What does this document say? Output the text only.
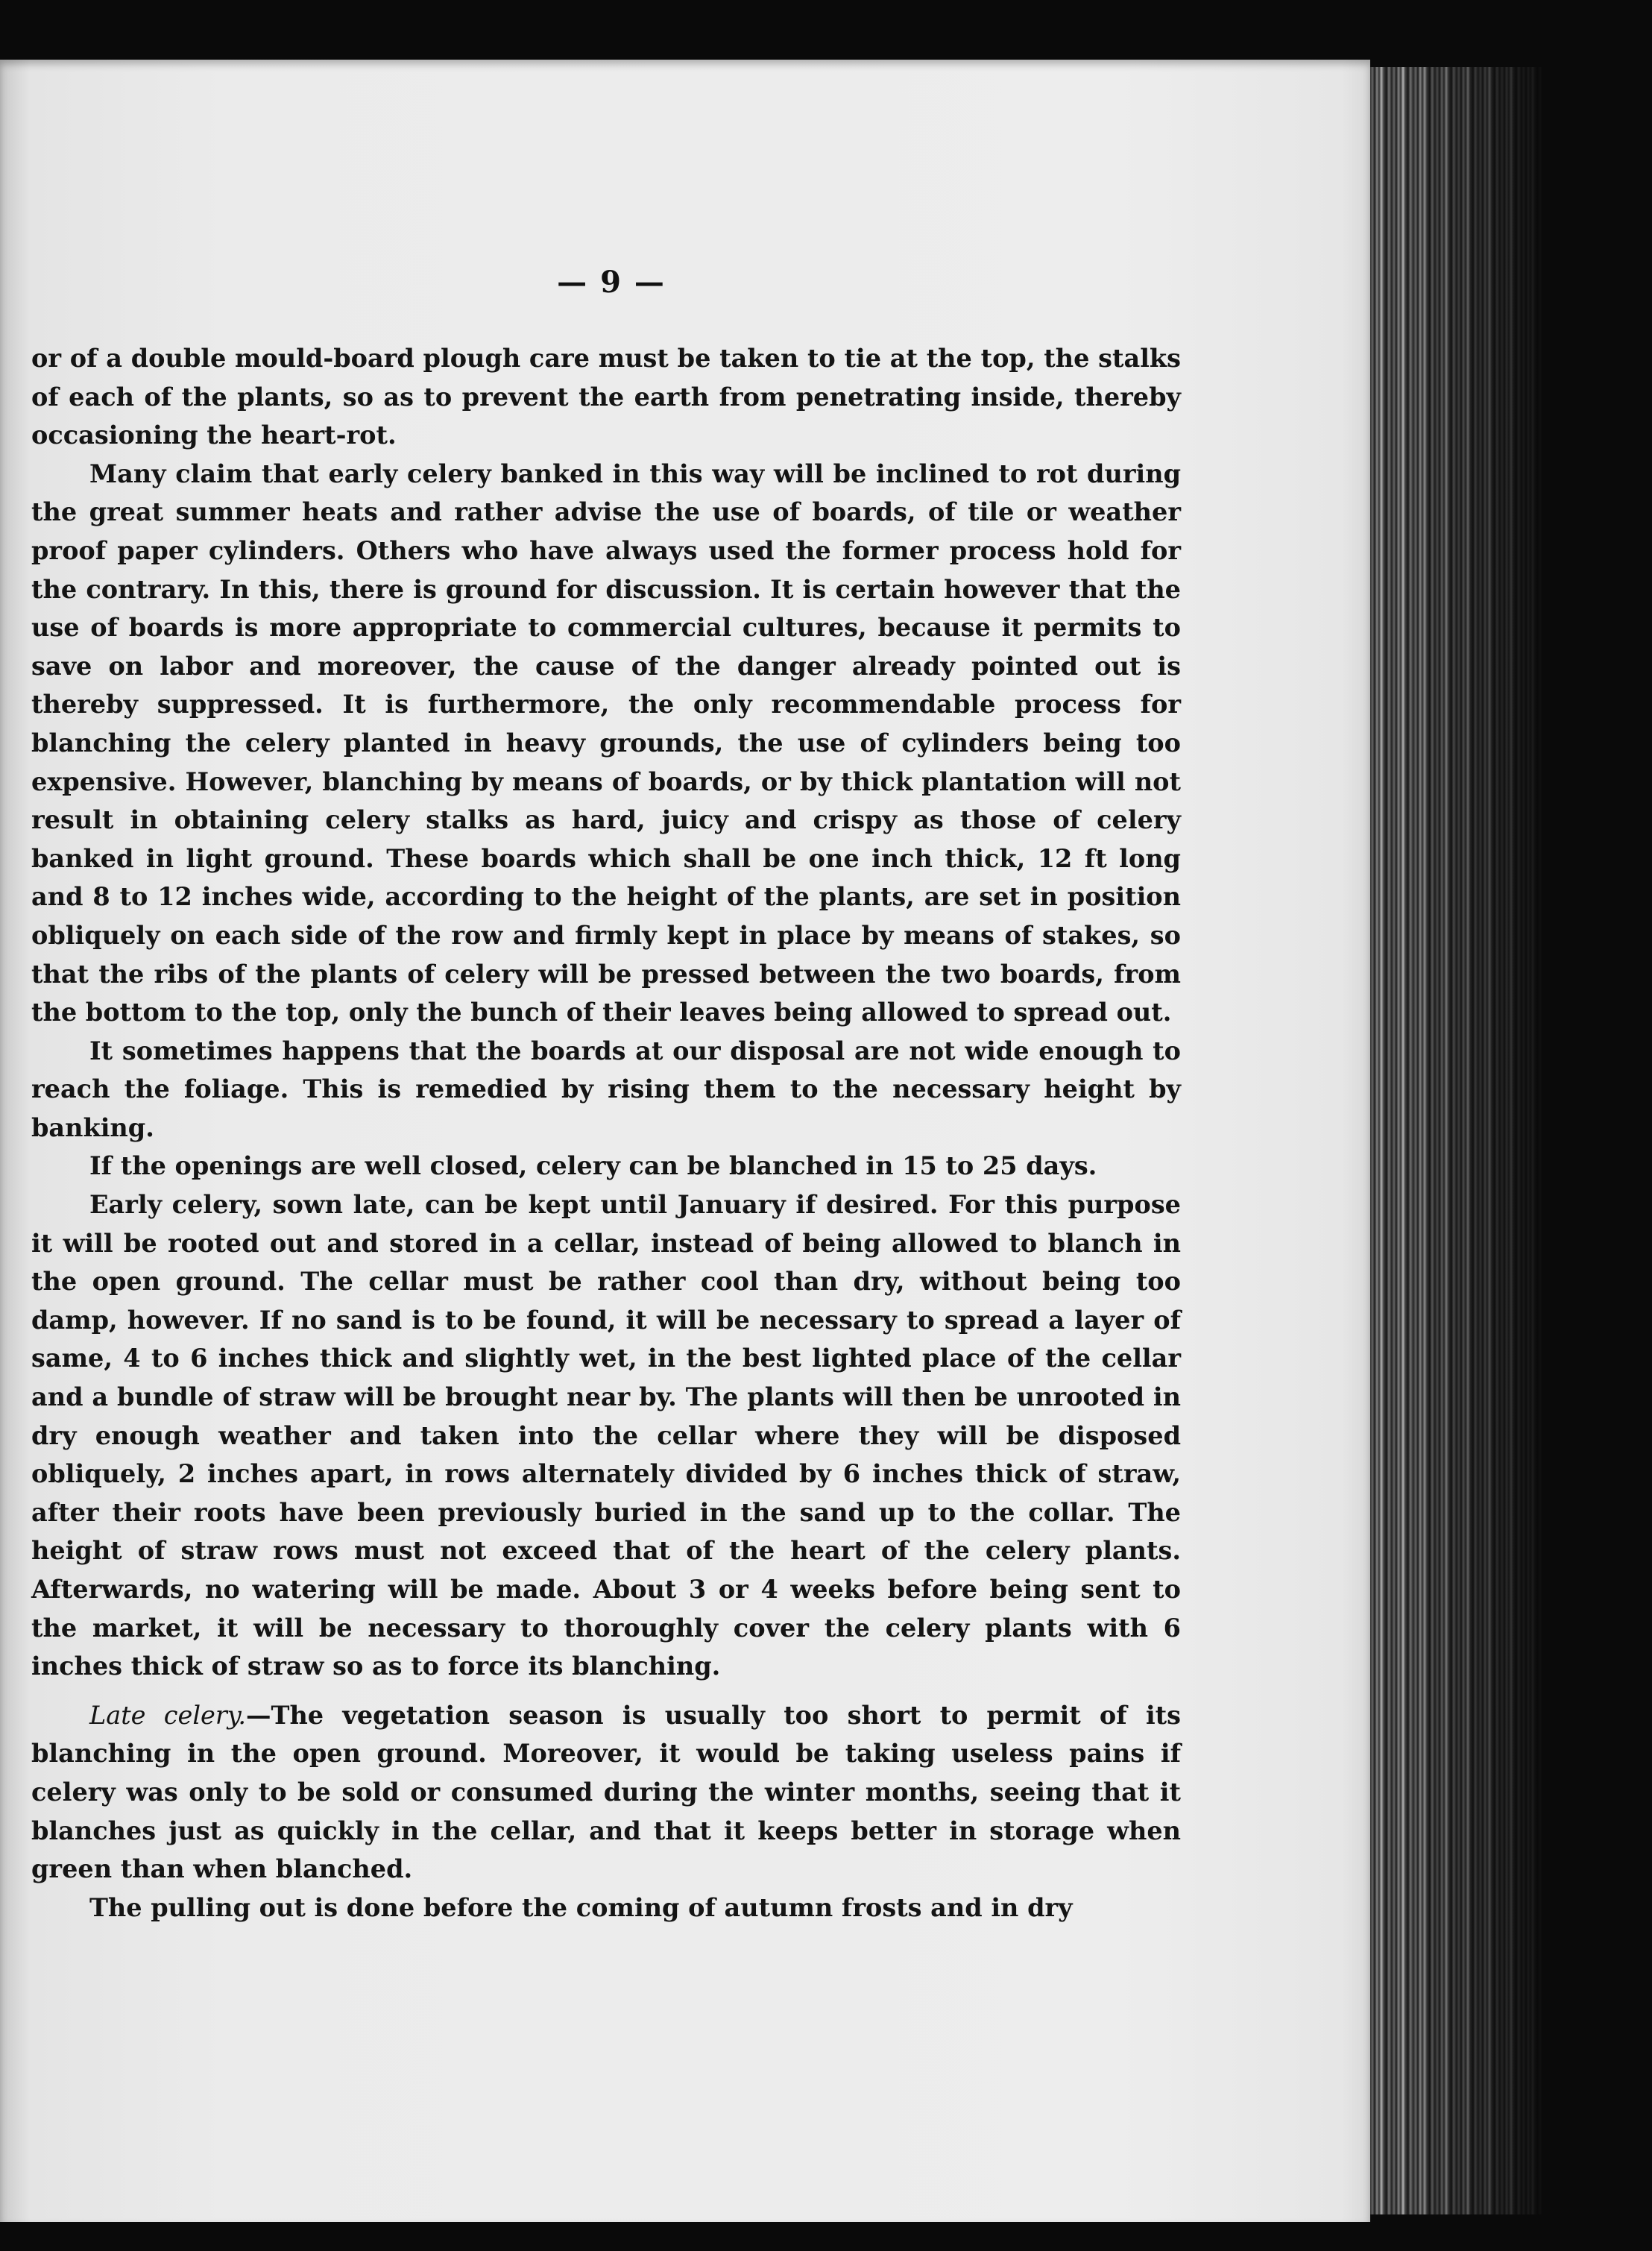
— 9 —

or of a double mould-board plough care must be taken to tie at the top, the stalks of each of the plants, so as to prevent the earth from penetrating inside, thereby occasioning the heart-rot.

Many claim that early celery banked in this way will be inclined to rot during the great summer heats and rather advise the use of boards, of tile or weather proof paper cylinders. Others who have always used the former process hold for the contrary. In this, there is ground for discussion. It is certain however that the use of boards is more appropriate to commercial cultures, because it permits to save on labor and moreover, the cause of the danger already pointed out is thereby suppressed. It is furthermore, the only recommendable process for blanching the celery planted in heavy grounds, the use of cylinders being too expensive. However, blanching by means of boards, or by thick plantation will not result in obtaining celery stalks as hard, juicy and crispy as those of celery banked in light ground. These boards which shall be one inch thick, 12 ft long and 8 to 12 inches wide, according to the height of the plants, are set in position obliquely on each side of the row and firmly kept in place by means of stakes, so that the ribs of the plants of celery will be pressed between the two boards, from the bottom to the top, only the bunch of their leaves being allowed to spread out.

It sometimes happens that the boards at our disposal are not wide enough to reach the foliage. This is remedied by rising them to the necessary height by banking.

If the openings are well closed, celery can be blanched in 15 to 25 days.

Early celery, sown late, can be kept until January if desired. For this purpose it will be rooted out and stored in a cellar, instead of being allowed to blanch in the open ground. The cellar must be rather cool than dry, without being too damp, however. If no sand is to be found, it will be necessary to spread a layer of same, 4 to 6 inches thick and slightly wet, in the best lighted place of the cellar and a bundle of straw will be brought near by. The plants will then be unrooted in dry enough weather and taken into the cellar where they will be disposed obliquely, 2 inches apart, in rows alternately divided by 6 inches thick of straw, after their roots have been previously buried in the sand up to the collar. The height of straw rows must not exceed that of the heart of the celery plants. Afterwards, no watering will be made. About 3 or 4 weeks before being sent to the market, it will be necessary to thoroughly cover the celery plants with 6 inches thick of straw so as to force its blanching.

Late celery.—The vegetation season is usually too short to permit of its blanching in the open ground. Moreover, it would be taking useless pains if celery was only to be sold or consumed during the winter months, seeing that it blanches just as quickly in the cellar, and that it keeps better in storage when green than when blanched.

The pulling out is done before the coming of autumn frosts and in dry
